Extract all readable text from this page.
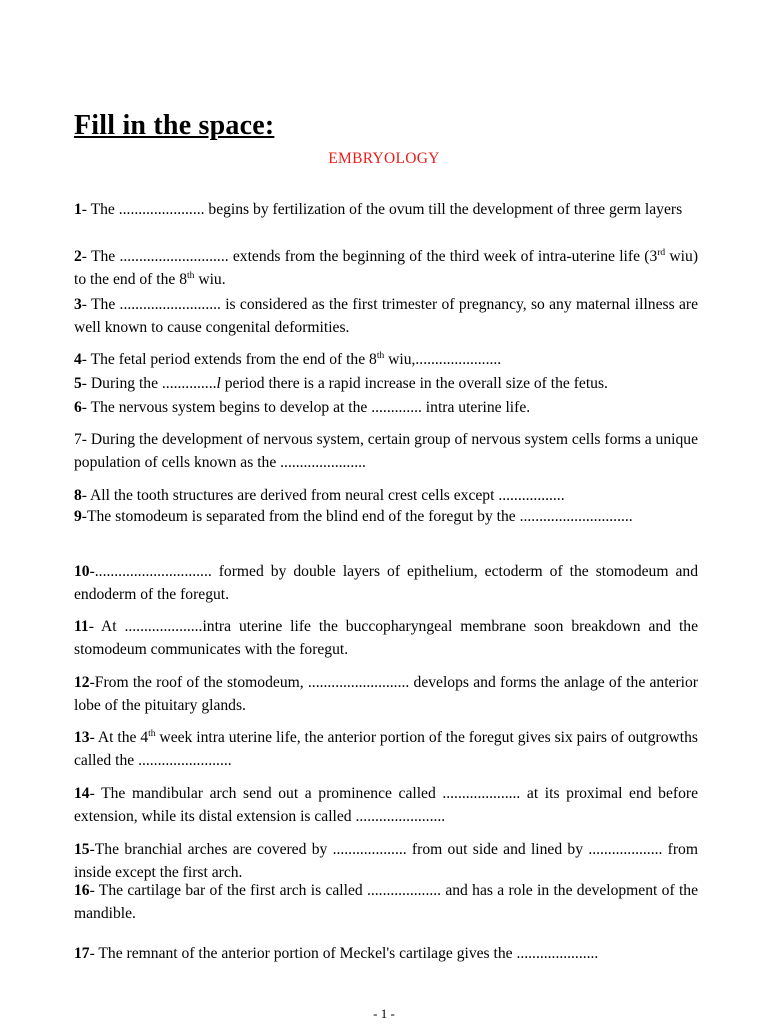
Fill in the space:
EMBRYOLOGY
1- The ...................... begins by fertilization of the ovum till the development of three germ layers
2- The ............................ extends from the beginning of the third week of intra-uterine life (3rd wiu) to the end of the 8th wiu.
3- The .......................... is considered as the first trimester of pregnancy, so any maternal illness are well known to cause congenital deformities.
4- The fetal period extends from the end of the 8th wiu,......................
5- During the ..............l period there is a rapid increase in the overall size of the fetus.
6- The nervous system begins to develop at the ............. intra uterine life.
7- During the development of nervous system, certain group of nervous system cells forms a unique population of cells known as the ......................
8- All the tooth structures are derived from neural crest cells except .................
9-The stomodeum is separated from the blind end of the foregut by the .............................
10-.............................. formed by double layers of epithelium, ectoderm of the stomodeum and endoderm of the foregut.
11- At ....................intra uterine life the buccopharyngeal membrane soon breakdown and the stomodeum communicates with the foregut.
12-From the roof of the stomodeum, .......................... develops and forms the anlage of the anterior lobe of the pituitary glands.
13- At the 4th week intra uterine life, the anterior portion of the foregut gives six pairs of outgrowths called the ........................
14- The mandibular arch send out a prominence called .................... at its proximal end before extension, while its distal extension is called .......................
15-The branchial arches are covered by ................... from out side and lined by ................... from inside except the first arch.
16- The cartilage bar of the first arch is called ................... and has a role in the development of the mandible.
17- The remnant of the anterior portion of Meckel's cartilage gives the .....................
- 1 -
